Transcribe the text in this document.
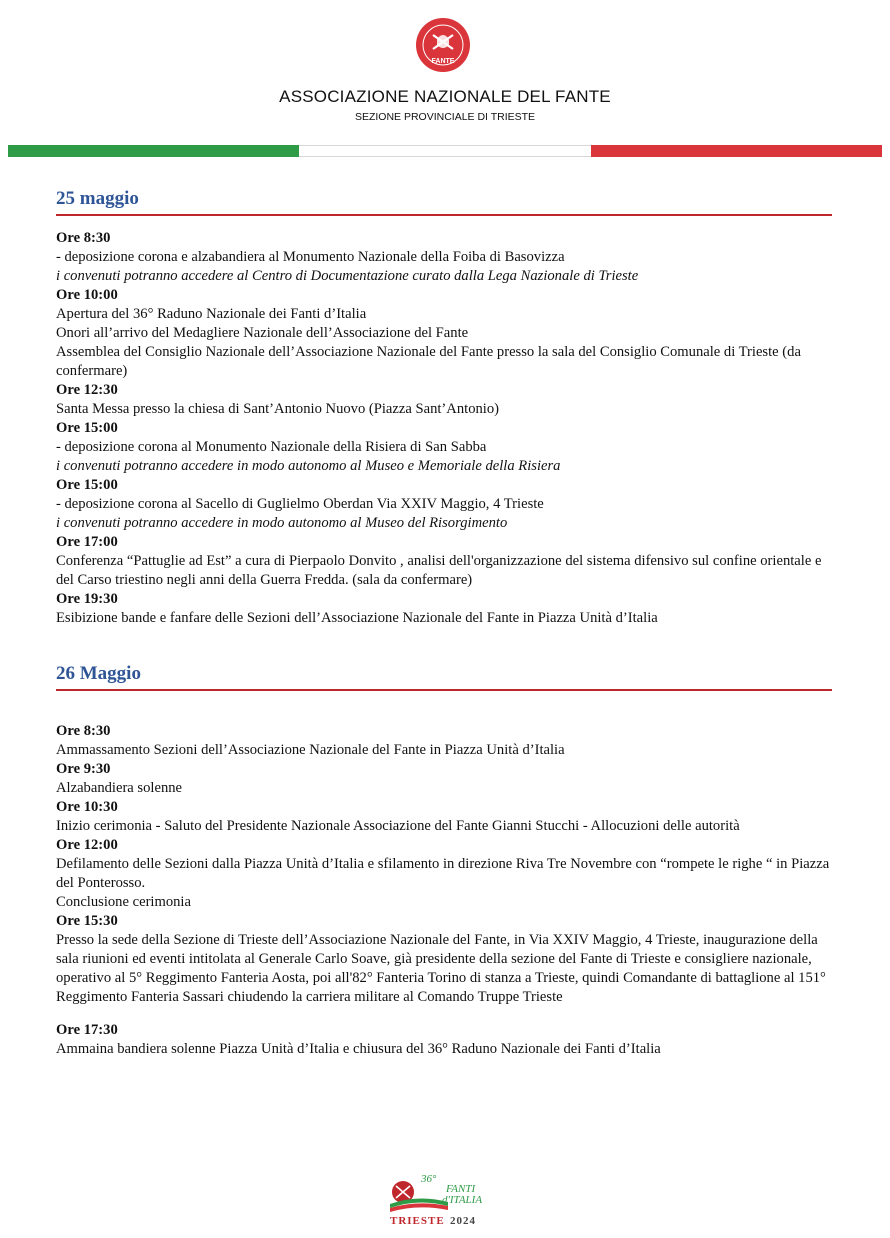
FANTE
ASSOCIAZIONE NAZIONALE DEL FANTE
SEZIONE PROVINCIALE DI TRIESTE
25 maggio
Ore 8:30
- deposizione corona e alzabandiera al Monumento Nazionale della Foiba di Basovizza
i convenuti potranno accedere al Centro di Documentazione curato dalla Lega Nazionale di Trieste
Ore 10:00
Apertura del 36° Raduno Nazionale dei Fanti d’Italia
Onori all’arrivo del Medagliere Nazionale dell’Associazione del Fante
Assemblea del Consiglio Nazionale dell’Associazione Nazionale del Fante presso la sala del Consiglio Comunale di Trieste (da confermare)
Ore 12:30
Santa Messa presso la chiesa di Sant’Antonio Nuovo (Piazza Sant’Antonio)
Ore 15:00
- deposizione corona al Monumento Nazionale della Risiera di San Sabba
i convenuti potranno accedere in modo autonomo al Museo e Memoriale della Risiera
Ore 15:00
- deposizione corona al Sacello di Guglielmo Oberdan Via XXIV Maggio, 4 Trieste
i convenuti potranno accedere in modo autonomo al Museo del Risorgimento
Ore 17:00
Conferenza “Pattuglie ad Est” a cura di Pierpaolo Donvito , analisi dell'organizzazione del sistema difensivo sul confine orientale e del Carso triestino negli anni della Guerra Fredda. (sala da confermare)
Ore 19:30
Esibizione bande e fanfare delle Sezioni dell’Associazione Nazionale del Fante in Piazza Unità d’Italia
26 Maggio
Ore 8:30
Ammassamento Sezioni dell’Associazione Nazionale del Fante in Piazza Unità d’Italia
Ore 9:30
Alzabandiera solenne
Ore 10:30
Inizio cerimonia - Saluto del Presidente Nazionale Associazione del Fante Gianni Stucchi - Allocuzioni delle autorità
Ore 12:00
Defilamento delle Sezioni dalla Piazza Unità d’Italia e sfilamento in direzione Riva Tre Novembre con “rompete le righe “ in Piazza del Ponterosso.
Conclusione cerimonia
Ore 15:30
Presso la sede della Sezione di Trieste dell’Associazione Nazionale del Fante, in Via XXIV Maggio, 4 Trieste, inaugurazione della sala riunioni ed eventi intitolata al Generale Carlo Soave, già presidente della sezione del Fante di Trieste e consigliere nazionale, operativo al 5° Reggimento Fanteria Aosta, poi all'82° Fanteria Torino di stanza a Trieste, quindi Comandante di battaglione al 151° Reggimento Fanteria Sassari chiudendo la carriera militare al Comando Truppe Trieste
Ore 17:30
Ammaina bandiera solenne Piazza Unità d’Italia e chiusura del 36° Raduno Nazionale dei Fanti d’Italia
36°
FANTI
d'ITALIA
TRIESTE 2024
